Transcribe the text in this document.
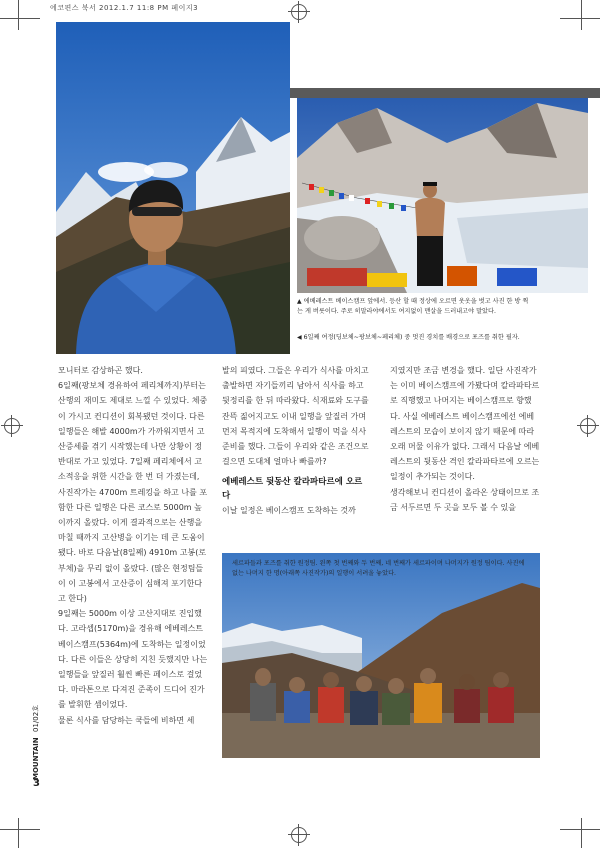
에코편스 북서 2012.1.7 11:8 PM 페이지3
▲ 에베레스트 베이스캠프 앞에서. 등산 할 때 정상에 오르면 웃옷을 벗고 사진 한 방 찍는 게 버릇이다. 주로 히말라야에서도 여지없이 맨살을 드러내고야 말았다.
◀ 6일째 여정(딩보체~팡보체~페리체) 중 멋진 경치를 배경으로 포즈를 취한 필자.

모니터로 감상하곤 했다.
6일째(팡보체 경유하여 페리체까지)부터는 산행의 재미도 제대로 느낄 수 있었다. 체중이 가시고 컨디션이 회복됐던 것이다. 다른 일행들은 해발 4000m가 가까워지면서 고산증세를 겪기 시작했는데 나만 상황이 정 반대로 가고 있었다. 7일째 페리체에서 고소적응을 위한 시간을 한 번 더 가졌는데, 사진작가는 4700m 트레킹을 하고 나를 포함한 다른 일행은 다른 코스로 5000m 높이까지 올랐다. 이게 결과적으로는 산행을 마칠 때까지 고산병을 이기는 데 큰 도움이 됐다. 바로 다음날(8일째) 4910m 고봉(로부체)을 무리 없이 올랐다. (많은 현정팀들이 이 고봉에서 고산증이 심해져 포기한다고 한다)
9일째는 5000m 이상 고산지대로 진입했다. 고라셉(5170m)을 경유해 에베레스트 베이스캠프(5364m)에 도착하는 일정이었다. 다른 이들은 상당히 지친 듯했지만 나는 일행들을 앞질러 훨씬 빠른 페이스로 걸었다. 마라톤으로 다져진 준족이 드디어 진가를 발휘한 셈이었다.
물론 식사를 담당하는 쿡들에 비하면 세

발의 피였다. 그들은 우리가 식사를 마치고 출발하면 자기들끼리 남아서 식사를 하고 뒷정리를 한 뒤 따라왔다. 식재료와 도구를 잔뜩 짊어지고도 이내 일행을 앞질러 가며 먼저 목적지에 도착해서 일행이 먹을 식사 준비를 했다. 그들이 우리와 같은 조건으로 걸으면 도대체 얼마나 빠를까?

에베레스트 뒷동산 칼라파타르에 오르다

이날 일정은 베이스캠프 도착하는 것까

지였지만 조금 변경을 했다. 일단 사진작가는 이미 베이스캠프에 가봤다며 칼라파타르로 직행했고 나머지는 베이스캠프로 향했다. 사실 에베레스트 베이스캠프에선 에베레스트의 모습이 보이지 않기 때문에 따라 오래 머물 이유가 없다. 그래서 다음날 에베레스트의 뒷동산 격인 칼라파타르에 오르는 일정이 추가되는 것이다.
생각해보니 컨디션이 올라온 상태이므로 조금 서두르면 두 곳을 모두 볼 수 있을

세르파들과 포즈를 취한 원정팀. 왼쪽 첫 번째와 두 번째, 네 번째가 세르파이며 나머지가 원정 팀이다. 사진에 없는 나머지 한 명(아래쪽 사진작가)의 일행이 서려울 놓았다.
MOUNTAIN 01/02호
3
